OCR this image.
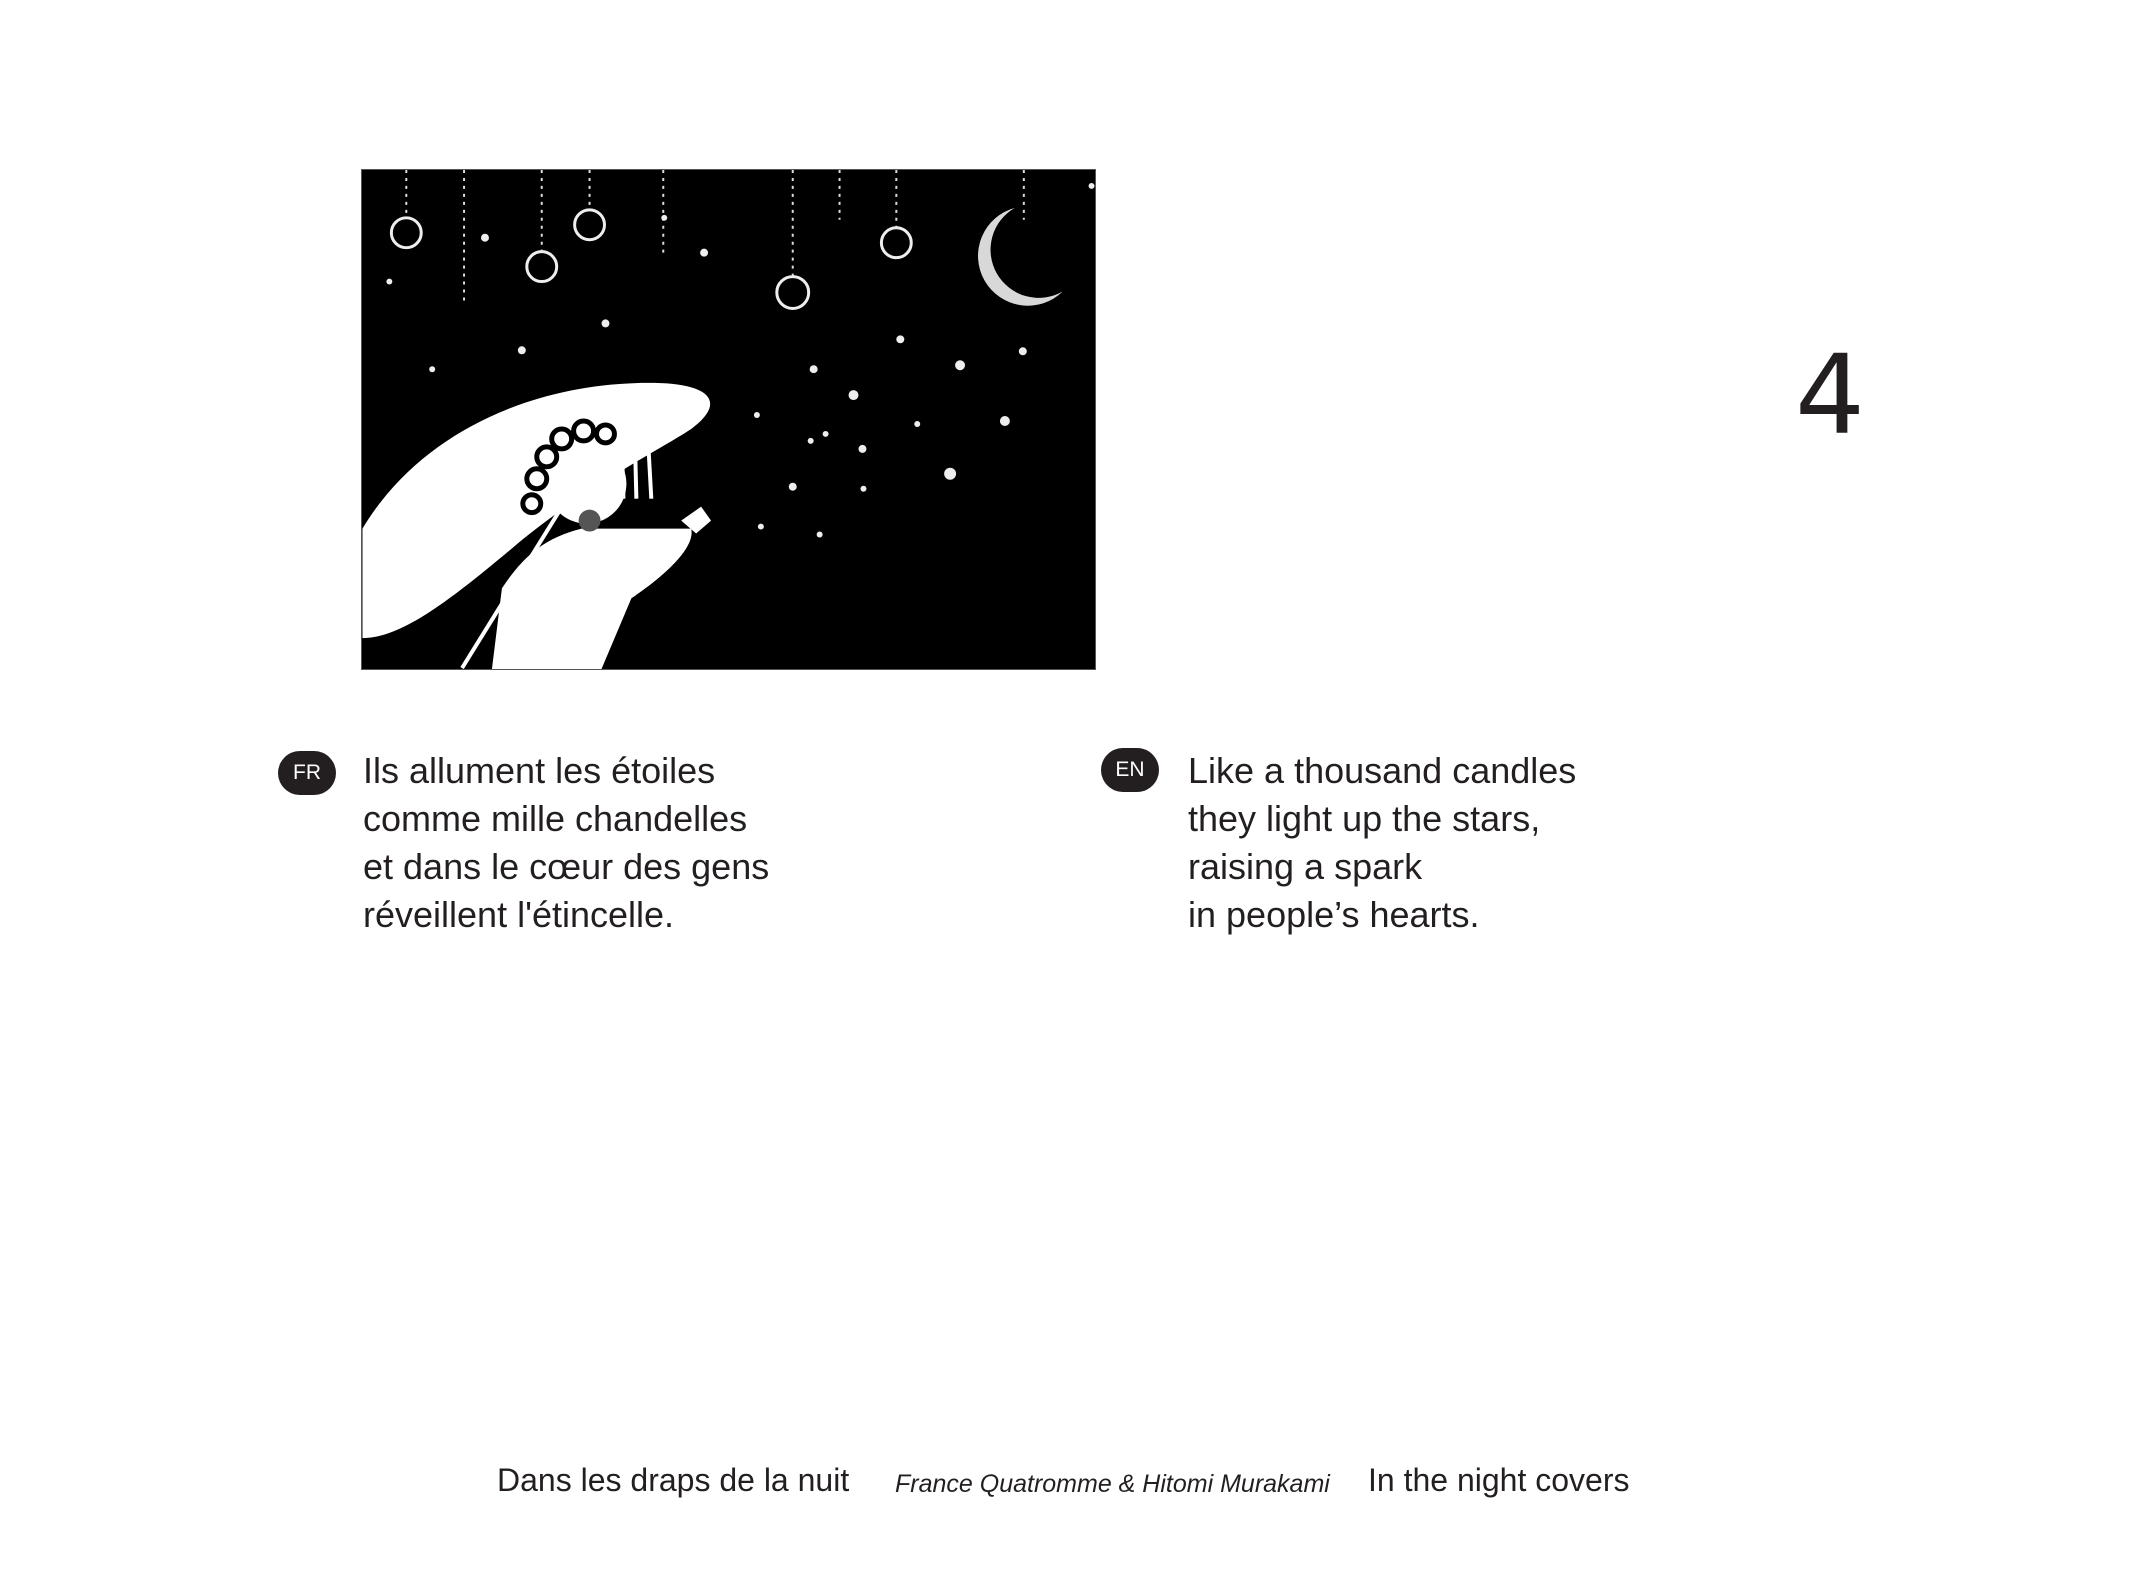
4
FR	Ils allument les étoiles
comme mille chandelles
et dans le cœur des gens
réveillent l'étincelle.
EN	Like a thousand candles
they light up the stars,
raising a spark
in people’s hearts.
Dans les draps de la nuit France Quatromme & Hitomi Murakami In the night covers
